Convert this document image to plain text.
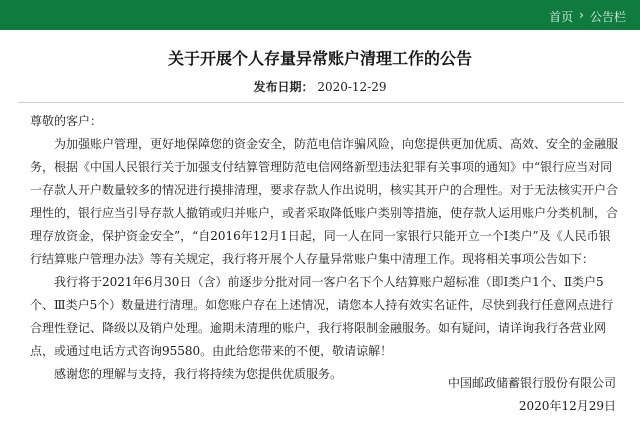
首页 › 公告栏
关于开展个人存量异常账户清理工作的公告
发布日期： 2020-12-29

尊敬的客户：

为加强账户管理，更好地保障您的资金安全，防范电信诈骗风险，向您提供更加优质、高效、安全的金融服务，根据《中国人民银行关于加强支付结算管理防范电信网络新型违法犯罪有关事项的通知》中“银行应当对同一存款人开户数量较多的情况进行摸排清理，要求存款人作出说明，核实其开户的合理性。对于无法核实开户合理性的，银行应当引导存款人撤销或归并账户，或者采取降低账户类别等措施，使存款人运用账户分类机制，合理存放资金，保护资金安全”，“自2016年12月1日起，同一人在同一家银行只能开立一个Ⅰ类户”及《人民币银行结算账户管理办法》等有关规定，我行将开展个人存量异常账户集中清理工作。现将相关事项公告如下：

我行将于2021年6月30日（含）前逐步分批对同一客户名下个人结算账户超标准（即Ⅰ类户1个、Ⅱ类户5个、Ⅲ类户5个）数量进行清理。如您账户存在上述情况，请您本人持有效实名证件，尽快到我行任意网点进行合理性登记、降级以及销户处理。逾期未清理的账户，我行将限制金融服务。如有疑问，请详询我行各营业网点，或通过电话方式咨询95580。由此给您带来的不便，敬请谅解！

感谢您的理解与支持，我行将持续为您提供优质服务。

中国邮政储蓄银行股份有限公司
2020年12月29日
